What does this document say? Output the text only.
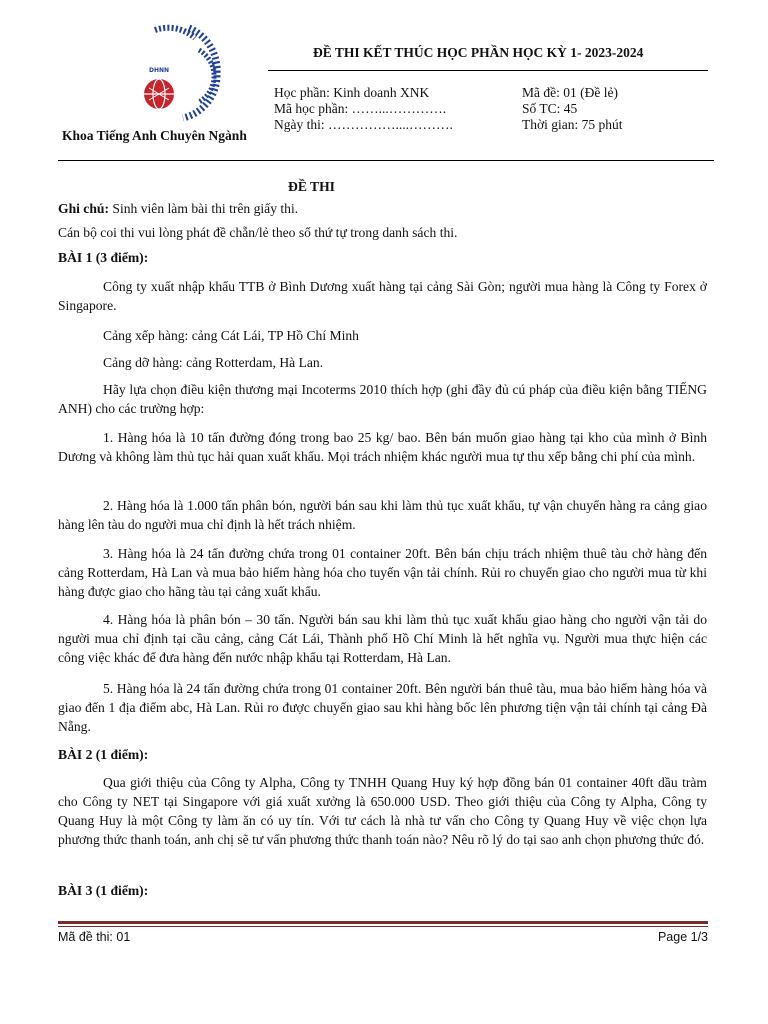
DHNN
Khoa Tiếng Anh Chuyên Ngành
ĐỀ THI KẾT THÚC HỌC PHẦN HỌC KỲ 1- 2023-2024
Học phần: Kinh doanh XNK
Mã học phần: ……...………….
Ngày thi: ……………....……….
Mã đề: 01 (Đề lẻ)
Số TC: 45
Thời gian: 75 phút
ĐỀ THI
Ghi chú: Sinh viên làm bài thi trên giấy thi.
Cán bộ coi thi vui lòng phát đề chẵn/lẻ theo số thứ tự trong danh sách thi.
BÀI 1 (3 điểm):
Công ty xuất nhập khẩu TTB ở Bình Dương xuất hàng tại cảng Sài Gòn; người mua hàng là Công ty Forex ở Singapore.
Cảng xếp hàng: cảng Cát Lái, TP Hồ Chí Minh
Cảng dỡ hàng: cảng Rotterdam, Hà Lan.
Hãy lựa chọn điều kiện thương mại Incoterms 2010 thích hợp (ghi đầy đủ cú pháp của điều kiện bằng TIẾNG ANH) cho các trường hợp:
1. Hàng hóa là 10 tấn đường đóng trong bao 25 kg/ bao. Bên bán muốn giao hàng tại kho của mình ở Bình Dương và không làm thủ tục hải quan xuất khẩu. Mọi trách nhiệm khác người mua tự thu xếp bằng chi phí của mình.
2. Hàng hóa là 1.000 tấn phân bón, người bán sau khi làm thủ tục xuất khẩu, tự vận chuyển hàng ra cảng giao hàng lên tàu do người mua chỉ định là hết trách nhiệm.
3. Hàng hóa là 24 tấn đường chứa trong 01 container 20ft. Bên bán chịu trách nhiệm thuê tàu chở hàng đến cảng Rotterdam, Hà Lan và mua bảo hiểm hàng hóa cho tuyến vận tải chính. Rủi ro chuyển giao cho người mua từ khi hàng được giao cho hãng tàu tại cảng xuất khẩu.
4. Hàng hóa là phân bón – 30 tấn. Người bán sau khi làm thủ tục xuất khẩu giao hàng cho người vận tải do người mua chỉ định tại cầu cảng, cảng Cát Lái, Thành phố Hồ Chí Minh là hết nghĩa vụ. Người mua thực hiện các công việc khác để đưa hàng đến nước nhập khẩu tại Rotterdam, Hà Lan.
5. Hàng hóa là 24 tấn đường chứa trong 01 container 20ft. Bên người bán thuê tàu, mua bảo hiểm hàng hóa và giao đến 1 địa điểm abc, Hà Lan. Rủi ro được chuyển giao sau khi hàng bốc lên phương tiện vận tải chính tại cảng Đà Nẵng.
BÀI 2 (1 điểm):
Qua giới thiệu của Công ty Alpha, Công ty TNHH Quang Huy ký hợp đồng bán 01 container 40ft dầu tràm cho Công ty NET tại Singapore với giá xuất xưởng là 650.000 USD. Theo giới thiệu của Công ty Alpha, Công ty Quang Huy là một Công ty làm ăn có uy tín. Với tư cách là nhà tư vấn cho Công ty Quang Huy về việc chọn lựa phương thức thanh toán, anh chị sẽ tư vấn phương thức thanh toán nào? Nêu rõ lý do tại sao anh chọn phương thức đó.
BÀI 3 (1 điểm):
Mã đề thi: 01	Page 1/3
